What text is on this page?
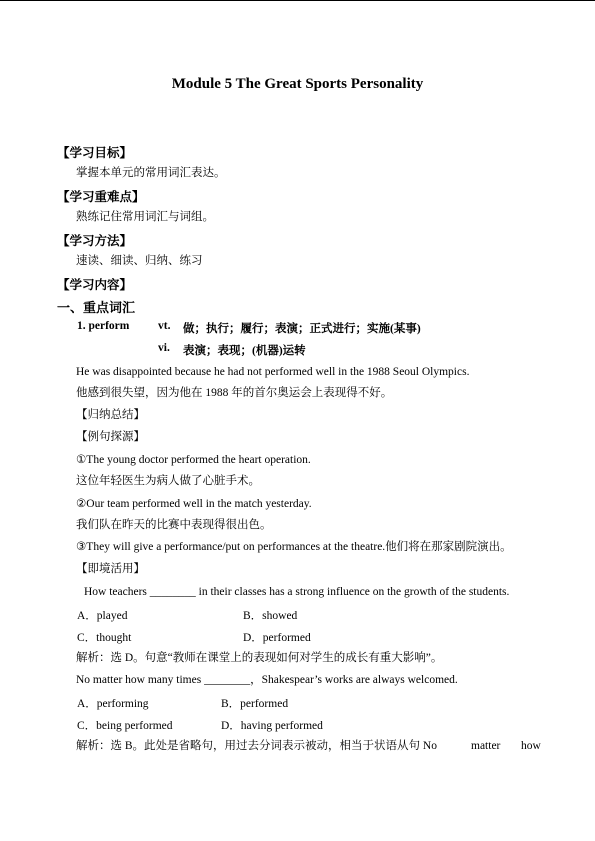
Module 5 The Great Sports Personality
【学习目标】
掌握本单元的常用词汇表达。
【学习重难点】
熟练记住常用词汇与词组。
【学习方法】
速读、细读、归纳、练习
【学习内容】
一、重点词汇
1. perform vt. 做；执行；履行；表演；正式进行；实施(某事)
vi. 表演；表现；(机器)运转
He was disappointed because he had not performed well in the 1988 Seoul Olympics.
他感到很失望，因为他在 1988 年的首尔奥运会上表现得不好。
【归纳总结】
【例句探源】
①The young doctor performed the heart operation.
这位年轻医生为病人做了心脏手术。
②Our team performed well in the match yesterday.
我们队在昨天的比赛中表现得很出色。
③They will give a performance/put on performances at the theatre.他们将在那家剧院演出。
【即境活用】
How teachers ________ in their classes has a strong influence on the growth of the students.
A．played	B．showed
C．thought	D．performed
解析：选 D。句意“教师在课堂上的表现如何对学生的成长有重大影响”。
No matter how many times ________，Shakespear’s works are always welcomed.
A．performing	B．performed
C．being performed	D．having performed
解析：选 B。此处是省略句，用过去分词表示被动，相当于状语从句 No	matter how
